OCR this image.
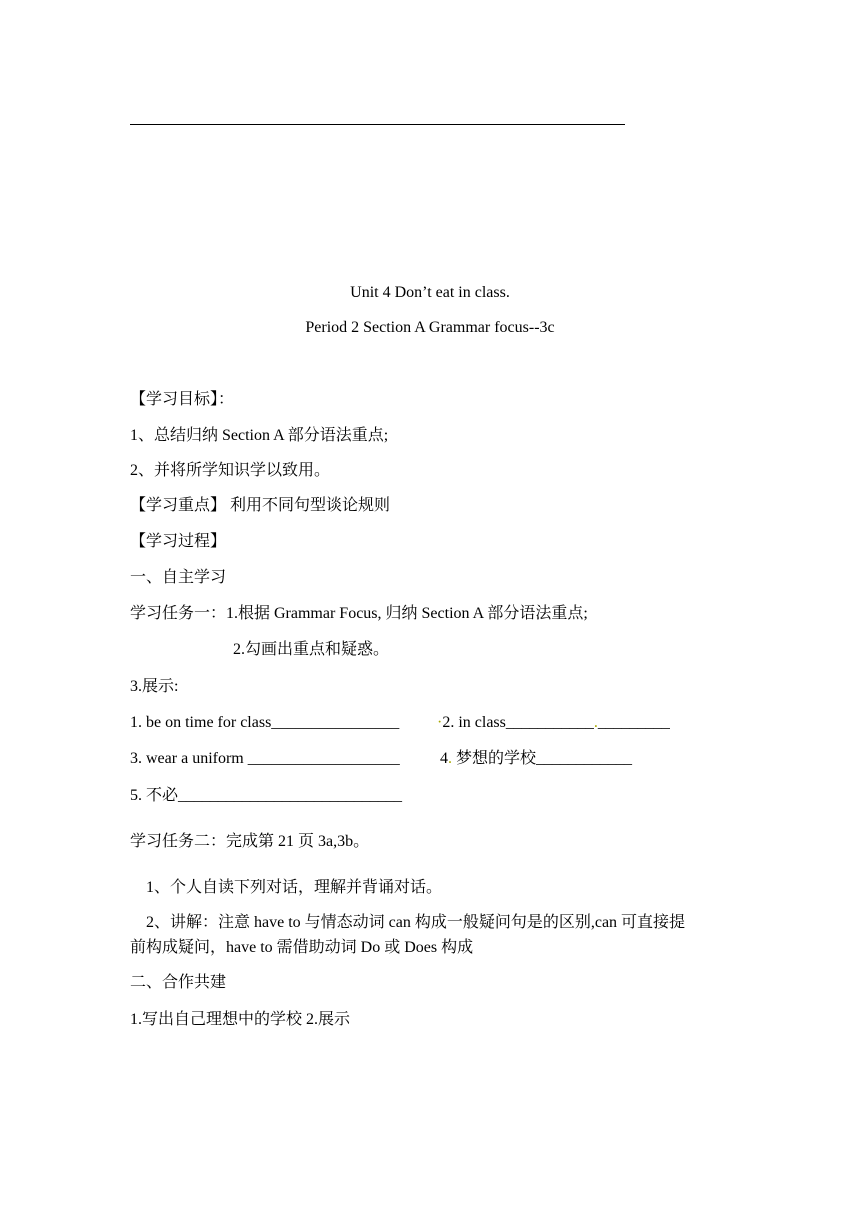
Unit 4 Don’t eat in class.
Period 2 Section A Grammar focus--3c
【学习目标】：
1、总结归纳 Section A 部分语法重点;
2、并将所学知识学以致用。
【学习重点】 利用不同句型谈论规则
【学习过程】
一、自主学习
学习任务一：1.根据 Grammar Focus, 归纳 Section A 部分语法重点;
2.勾画出重点和疑惑。
3.展示:
1. be on time for class________________ ·2. in class___________._________
3. wear a uniform ___________________	4. 梦想的学校____________
5. 不必____________________________
学习任务二：完成第 21 页 3a,3b。
1、个人自读下列对话，理解并背诵对话。
2、讲解：注意 have to 与情态动词 can 构成一般疑问句是的区别,can 可直接提
前构成疑问，have to 需借助动词 Do 或 Does 构成
二、合作共建
1.写出自己理想中的学校 2.展示
